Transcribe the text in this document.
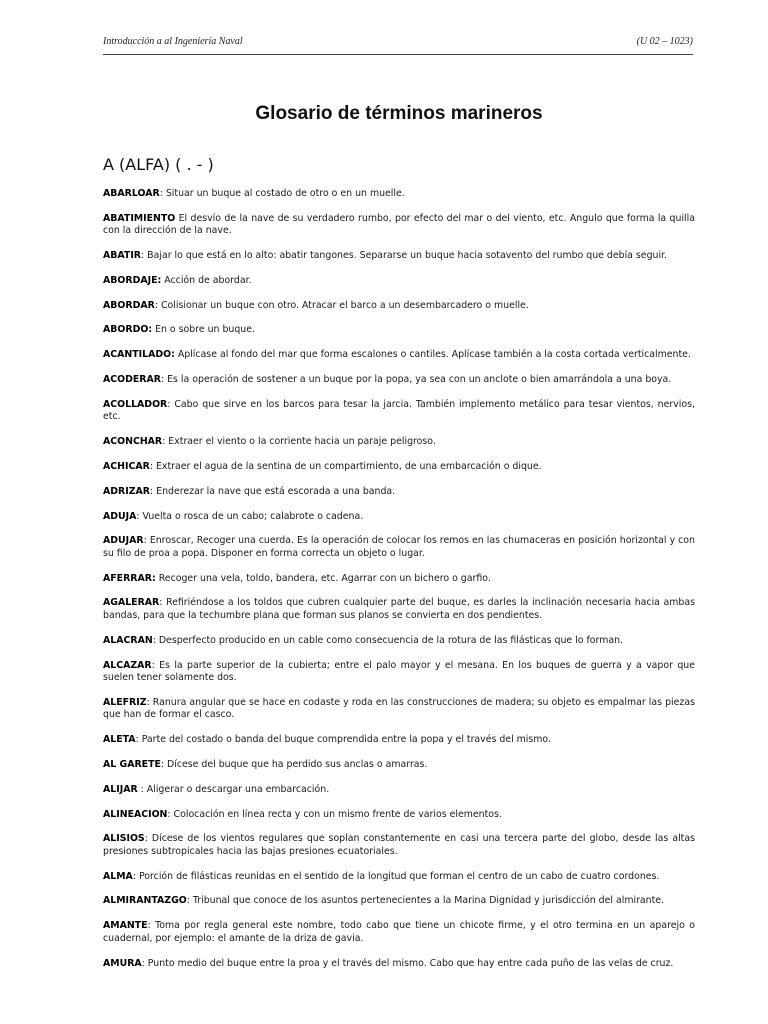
Introducción a al Ingeniería Naval	(U 02 – 1023)
Glosario de términos marineros
A (ALFA) ( . - )
ABARLOAR: Situar un buque al costado de otro o en un muelle.
ABATIMIENTO El desvío de la nave de su verdadero rumbo, por efecto del mar o del viento, etc. Angulo que forma la quilla con la dirección de la nave.
ABATIR: Bajar lo que está en lo alto: abatir tangones. Separarse un buque hacia sotavento del rumbo que debía seguir.
ABORDAJE: Acción de abordar.
ABORDAR: Colisionar un buque con otro. Atracar el barco a un desembarcadero o muelle.
ABORDO: En o sobre un buque.
ACANTILADO: Aplícase al fondo del mar que forma escalones o cantiles. Aplícase también a la costa cortada verticalmente.
ACODERAR: Es la operación de sostener a un buque por la popa, ya sea con un anclote o bien amarrándola a una boya.
ACOLLADOR: Cabo que sirve en los barcos para tesar la jarcia. También implemento metálico para tesar vientos, nervios, etc.
ACONCHAR: Extraer el viento o la corriente hacia un paraje peligroso.
ACHICAR: Extraer el agua de la sentina de un compartimiento, de una embarcación o dique.
ADRIZAR: Enderezar la nave que está escorada a una banda.
ADUJA: Vuelta o rosca de un cabo; calabrote o cadena.
ADUJAR: Enroscar, Recoger una cuerda. Es la operación de colocar los remos en las chumaceras en posición horizontal y con su filo de proa a popa. Disponer en forma correcta un objeto o lugar.
AFERRAR: Recoger una vela, toldo, bandera, etc. Agarrar con un bichero o garfio.
AGALERAR: Refiriéndose a los toldos que cubren cualquier parte del buque, es darles la inclinación necesaria hacia ambas bandas, para que la techumbre plana que forman sus planos se convierta en dos pendientes.
ALACRAN: Desperfecto producido en un cable como consecuencia de la rotura de las filásticas que lo forman.
ALCAZAR: Es la parte superior de la cubierta; entre el palo mayor y el mesana. En los buques de guerra y a vapor que suelen tener solamente dos.
ALEFRIZ: Ranura angular que se hace en codaste y roda en las construcciones de madera; su objeto es empalmar las piezas que han de formar el casco.
ALETA: Parte del costado o banda del buque comprendida entre la popa y el través del mismo.
AL GARETE: Dícese del buque que ha perdido sus anclas o amarras.
ALIJAR : Aligerar o descargar una embarcación.
ALINEACION: Colocación en línea recta y con un mismo frente de varios elementos.
ALISIOS: Dícese de los vientos regulares que soplan constantemente en casi una tercera parte del globo, desde las altas presiones subtropicales hacia las bajas presiones ecuatoriales.
ALMA: Porción de filásticas reunidas en el sentido de la longitud que forman el centro de un cabo de cuatro cordones.
ALMIRANTAZGO: Tribunal que conoce de los asuntos pertenecientes a la Marina Dignidad y jurisdicción del almirante.
AMANTE: Toma por regla general este nombre, todo cabo que tiene un chicote firme, y el otro termina en un aparejo o cuadernal, por ejemplo: el amante de la driza de gavia.
AMURA: Punto medio del buque entre la proa y el través del mismo. Cabo que hay entre cada puño de las velas de cruz.
